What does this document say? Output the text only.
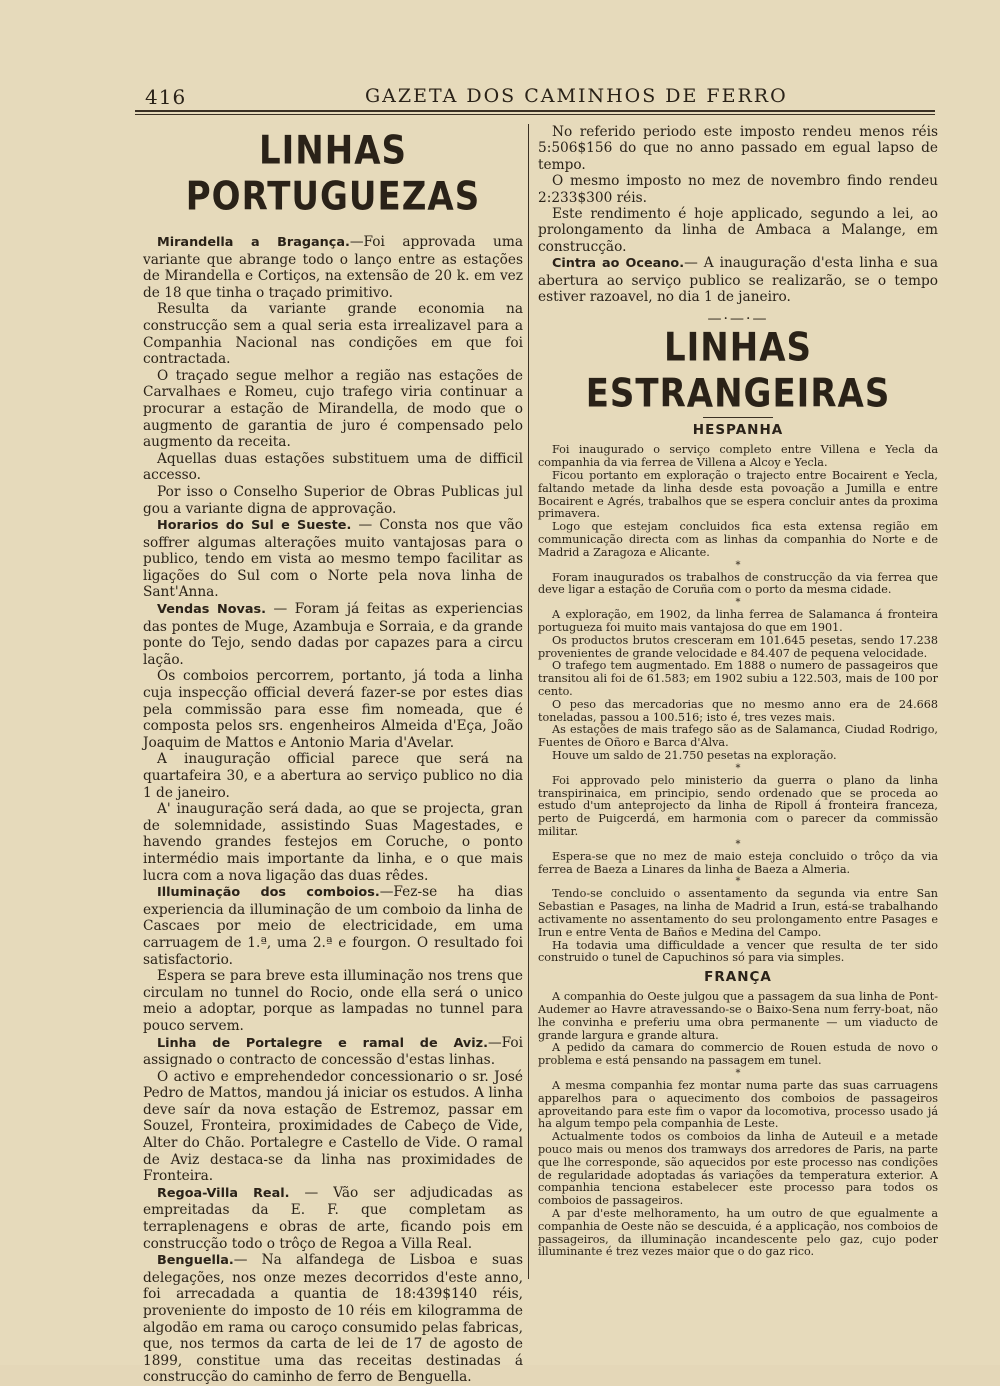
416	GAZETA DOS CAMINHOS DE FERRO
LINHAS PORTUGUEZAS

Mirandella a Bragança.—Foi approvada uma variante que abrange todo o lanço entre as estações de Mirandella e Cortiços, na extensão de 20 k. em vez de 18 que tinha o traçado primitivo.

Resulta da variante grande economia na construcção sem a qual seria esta irrealizavel para a Companhia Nacional nas condições em que foi contractada.

O traçado segue melhor a região nas estações de Carvalhaes e Romeu, cujo trafego viria continuar a procurar a estação de Mirandella, de modo que o augmento de garantia de juro é compensado pelo augmento da receita.

Aquellas duas estações substituem uma de difficil accesso.

Por isso o Conselho Superior de Obras Publicas jul gou a variante digna de approvação.

Horarios do Sul e Sueste. — Consta nos que vão soffrer algumas alterações muito vantajosas para o publico, tendo em vista ao mesmo tempo facilitar as ligações do Sul com o Norte pela nova linha de Sant'Anna.

Vendas Novas. — Foram já feitas as experiencias das pontes de Muge, Azambuja e Sorraia, e da grande ponte do Tejo, sendo dadas por capazes para a circu lação.

Os comboios percorrem, portanto, já toda a linha cuja inspecção official deverá fazer-se por estes dias pela commissão para esse fim nomeada, que é composta pelos srs. engenheiros Almeida d'Eça, João Joaquim de Mattos e Antonio Maria d'Avelar.

A inauguração official parece que será na quartafeira 30, e a abertura ao serviço publico no dia 1 de janeiro.

A' inauguração será dada, ao que se projecta, gran de solemnidade, assistindo Suas Magestades, e havendo grandes festejos em Coruche, o ponto intermédio mais importante da linha, e o que mais lucra com a nova ligação das duas rêdes.

Illuminação dos comboios.—Fez-se ha dias experiencia da illuminação de um comboio da linha de Cascaes por meio de electricidade, em uma carruagem de 1.ª, uma 2.ª e fourgon. O resultado foi satisfactorio.

Espera se para breve esta illuminação nos trens que circulam no tunnel do Rocio, onde ella será o unico meio a adoptar, porque as lampadas no tunnel para pouco servem.

Linha de Portalegre e ramal de Aviz.—Foi assignado o contracto de concessão d'estas linhas.

O activo e emprehendedor concessionario o sr. José Pedro de Mattos, mandou já iniciar os estudos. A linha deve saír da nova estação de Estremoz, passar em Souzel, Fronteira, proximidades de Cabeço de Vide, Alter do Chão. Portalegre e Castello de Vide. O ramal de Aviz destaca-se da linha nas proximidades de Fronteira.

Regoa-Villa Real. — Vão ser adjudicadas as empreitadas da E. F. que completam as terraplenagens e obras de arte, ficando pois em construcção todo o trôço de Regoa a Villa Real.

Benguella.— Na alfandega de Lisboa e suas delegações, nos onze mezes decorridos d'este anno, foi arrecadada a quantia de 18:439$140 réis, proveniente do imposto de 10 réis em kilogramma de algodão em rama ou caroço consumido pelas fabricas, que, nos termos da carta de lei de 17 de agosto de 1899, constitue uma das receitas destinadas á construcção do caminho de ferro de Benguella.

No referido periodo este imposto rendeu menos réis 5:506$156 do que no anno passado em egual lapso de tempo.

O mesmo imposto no mez de novembro findo rendeu 2:233$300 réis.

Este rendimento é hoje applicado, segundo a lei, ao prolongamento da linha de Ambaca a Malange, em construcção.

Cintra ao Oceano.— A inauguração d'esta linha e sua abertura ao serviço publico se realizarão, se o tempo estiver razoavel, no dia 1 de janeiro.

—·—·—
LINHAS ESTRANGEIRAS
HESPANHA

Foi inaugurado o serviço completo entre Villena e Yecla da companhia da via ferrea de Villena a Alcoy e Yecla.

Ficou portanto em exploração o trajecto entre Bocairent e Yecla, faltando metade da linha desde esta povoação a Jumilla e entre Bocairent e Agrés, trabalhos que se espera concluir antes da proxima primavera.

Logo que estejam concluidos fica esta extensa região em communicação directa com as linhas da companhia do Norte e de Madrid a Zaragoza e Alicante.

*

Foram inaugurados os trabalhos de construcção da via ferrea que deve ligar a estação de Coruña com o porto da mesma cidade.

*

A exploração, em 1902, da linha ferrea de Salamanca á fronteira portugueza foi muito mais vantajosa do que em 1901.

Os productos brutos cresceram em 101.645 pesetas, sendo 17.238 provenientes de grande velocidade e 84.407 de pequena velocidade.

O trafego tem augmentado. Em 1888 o numero de passageiros que transitou ali foi de 61.583; em 1902 subiu a 122.503, mais de 100 por cento.

O peso das mercadorias que no mesmo anno era de 24.668 toneladas, passou a 100.516; isto é, tres vezes mais.

As estações de mais trafego são as de Salamanca, Ciudad Rodrigo, Fuentes de Oñoro e Barca d'Alva.

Houve um saldo de 21.750 pesetas na exploração.

*

Foi approvado pelo ministerio da guerra o plano da linha transpirinaica, em principio, sendo ordenado que se proceda ao estudo d'um anteprojecto da linha de Ripoll á fronteira franceza, perto de Puigcerdá, em harmonia com o parecer da commissão militar.

*

Espera-se que no mez de maio esteja concluido o trôço da via ferrea de Baeza a Linares da linha de Baeza a Almeria.

*

Tendo-se concluido o assentamento da segunda via entre San Sebastian e Pasages, na linha de Madrid a Irun, está-se trabalhando activamente no assentamento do seu prolongamento entre Pasages e Irun e entre Venta de Baños e Medina del Campo.

Ha todavia uma difficuldade a vencer que resulta de ter sido construido o tunel de Capuchinos só para via simples.

FRANÇA

A companhia do Oeste julgou que a passagem da sua linha de Pont-Audemer ao Havre atravessando-se o Baixo-Sena num ferry-boat, não lhe convinha e preferiu uma obra permanente — um viaducto de grande largura e grande altura.

A pedido da camara do commercio de Rouen estuda de novo o problema e está pensando na passagem em tunel.

*

A mesma companhia fez montar numa parte das suas carruagens apparelhos para o aquecimento dos comboios de passageiros aproveitando para este fim o vapor da locomotiva, processo usado já ha algum tempo pela companhia de Leste.

Actualmente todos os comboios da linha de Auteuil e a metade pouco mais ou menos dos tramways dos arredores de Paris, na parte que lhe corresponde, são aquecidos por este processo nas condições de regularidade adoptadas ás variações da temperatura exterior. A companhia tenciona estabelecer este processo para todos os comboios de passageiros.

A par d'este melhoramento, ha um outro de que egualmente a companhia de Oeste não se descuida, é a applicação, nos comboios de passageiros, da illuminação incandescente pelo gaz, cujo poder illuminante é trez vezes maior que o do gaz rico.
